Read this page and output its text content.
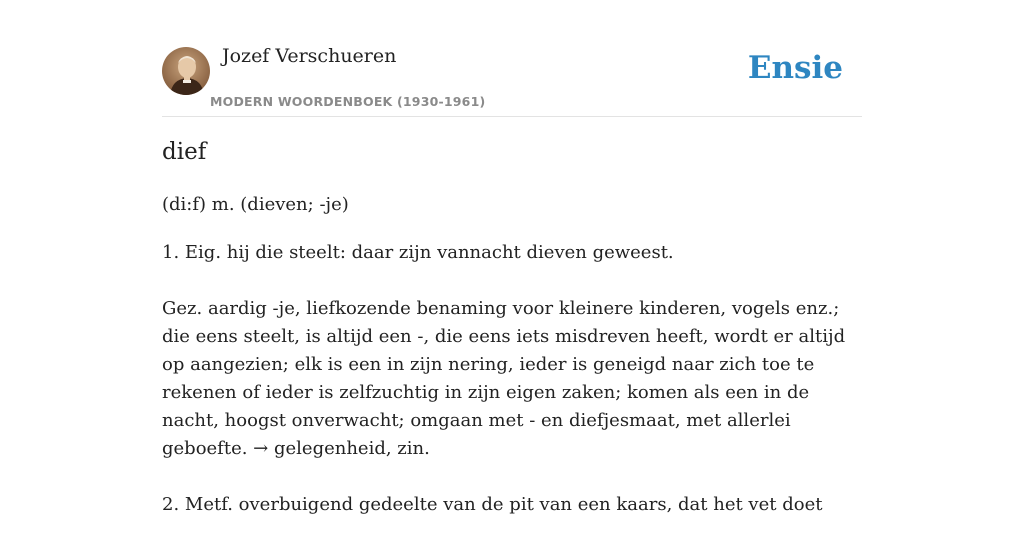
Jozef Verschueren
MODERN WOORDENBOEK (1930-1961)
Ensie
dief
(di:f) m. (dieven; -je)

1. Eig. hij die steelt: daar zijn vannacht dieven geweest.

Gez. aardig -je, liefkozende benaming voor kleinere kinderen, vogels enz.; die eens steelt, is altijd een -, die eens iets misdreven heeft, wordt er altijd op aangezien; elk is een in zijn nering, ieder is geneigd naar zich toe te rekenen of ieder is zelfzuchtig in zijn eigen zaken; komen als een in de nacht, hoogst onverwacht; omgaan met - en diefjesmaat, met allerlei geboefte. → gelegenheid, zin.

2. Metf. overbuigend gedeelte van de pit van een kaars, dat het vet doet
